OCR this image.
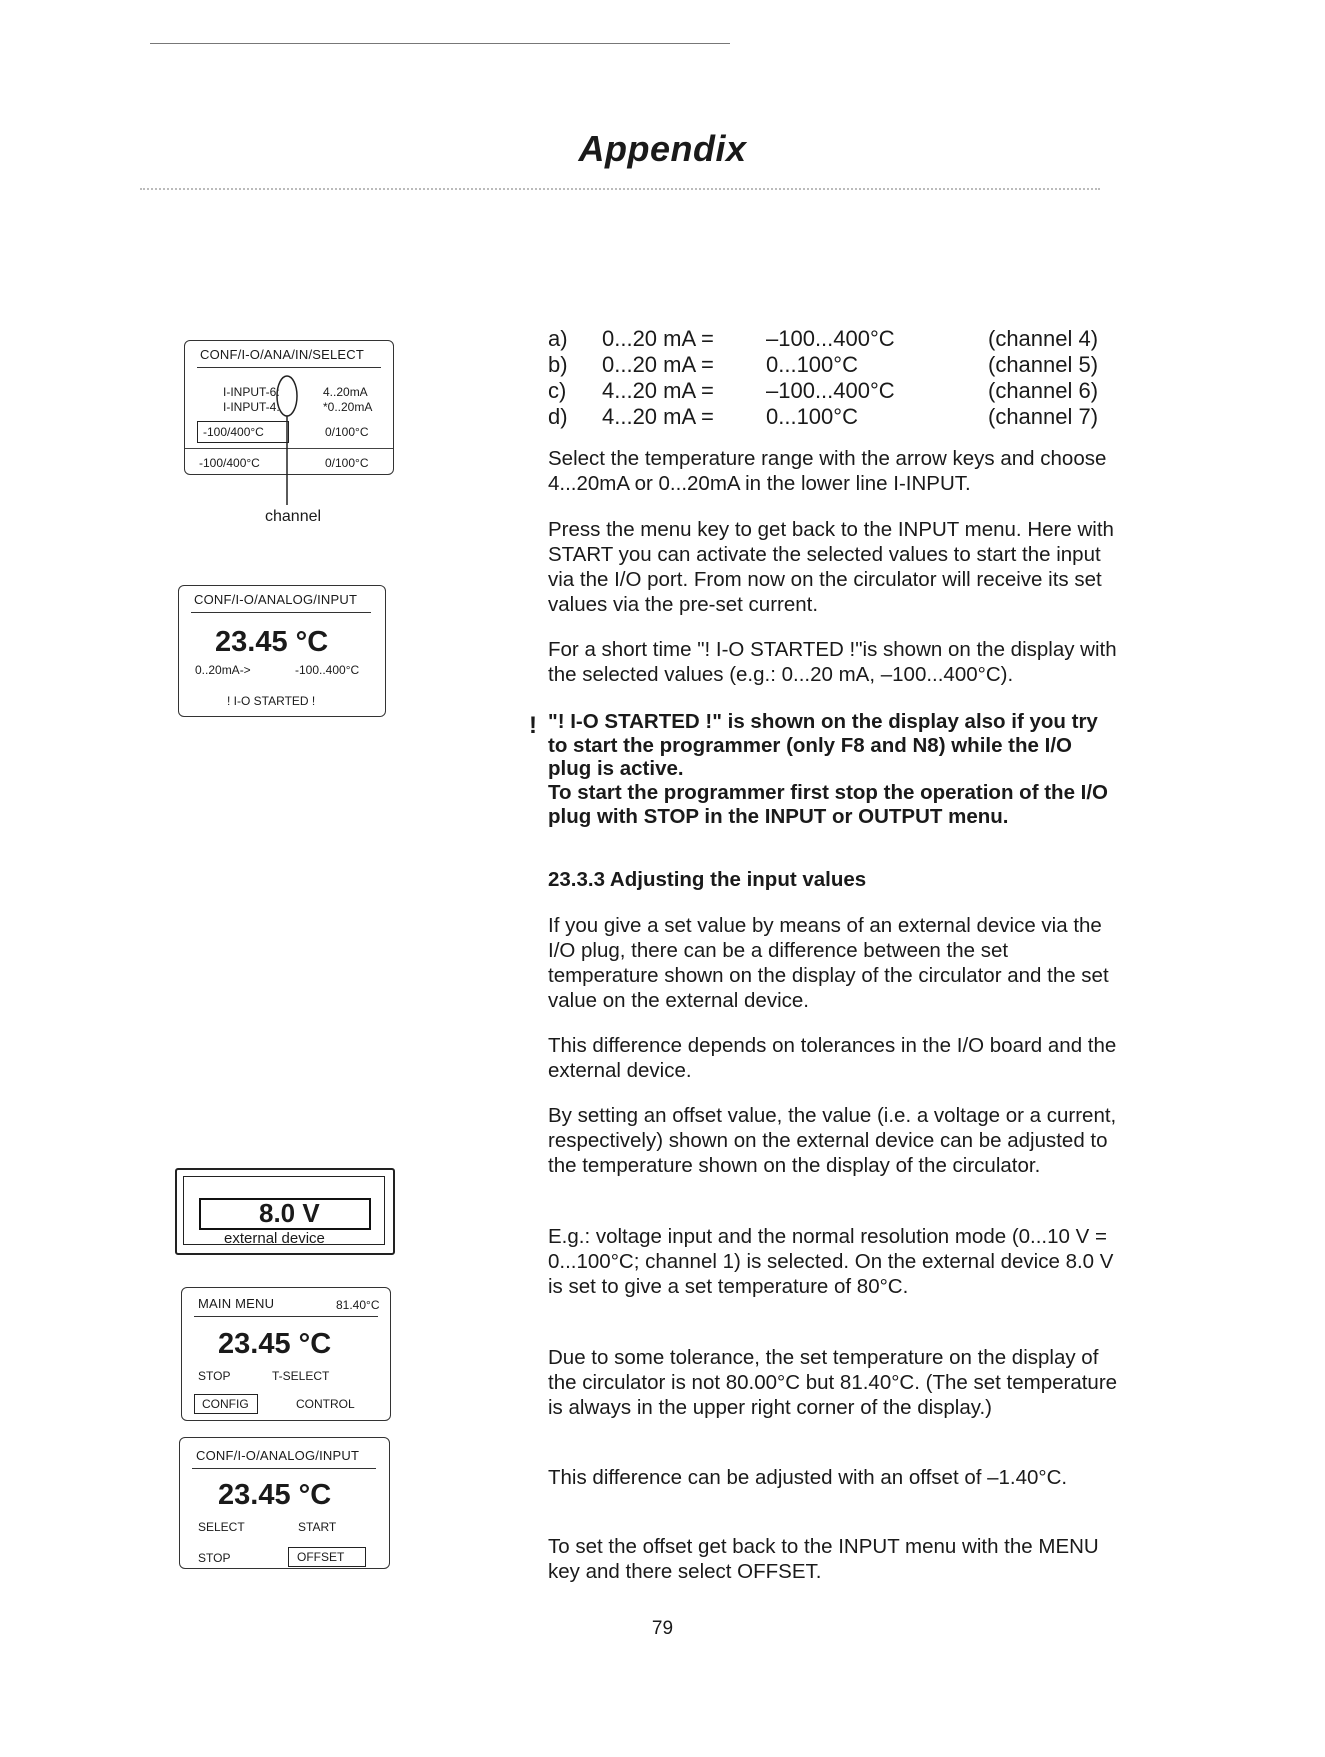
Appendix
CONF/I-O/ANA/IN/SELECT
I-INPUT-6:	4..20mA
I-INPUT-4:	*0..20mA
-100/400°C	0/100°C
-100/400°C	0/100°C
channel
CONF/I-O/ANALOG/INPUT
23.45 °C
0..20mA->	-100..400°C
! I-O STARTED !
8.0 V
external device
MAIN MENU	81.40°C
23.45 °C
STOP	T-SELECT
CONFIG	CONTROL
CONF/I-O/ANALOG/INPUT
23.45 °C
SELECT	START
STOP	OFFSET
a) 0...20 mA = –100...400°C	(channel 4)
b) 0...20 mA = 0...100°C	(channel 5)
c) 4...20 mA = –100...400°C	(channel 6)
d) 4...20 mA = 0...100°C	(channel 7)
Select the temperature range with the arrow keys and choose 4...20mA or 0...20mA in the lower line I-INPUT.
Press the menu key to get back to the INPUT menu. Here with START you can activate the selected values to start the input via the I/O port. From now on the circulator will receive its set values via the pre-set current.
For a short time "! I-O STARTED !"is shown on the display with the selected values (e.g.: 0...20 mA, –100...400°C).
! "! I-O STARTED !" is shown on the display also if you try to start the programmer (only F8 and N8) while the I/O plug is active.
To start the programmer first stop the operation of the I/O plug with STOP in the INPUT or OUTPUT menu.
23.3.3 Adjusting the input values
If you give a set value by means of an external device via the I/O plug, there can be a difference between the set temperature shown on the display of the circulator and the set value on the external device.
This difference depends on tolerances in the I/O board and the external device.
By setting an offset value, the value (i.e. a voltage or a current, respectively) shown on the external device can be adjusted to the temperature shown on the display of the circulator.
E.g.: voltage input and the normal resolution mode (0...10 V = 0...100°C; channel 1) is selected. On the external device 8.0 V is set to give a set temperature of 80°C.
Due to some tolerance, the set temperature on the display of the circulator is not 80.00°C but 81.40°C. (The set temperature is always in the upper right corner of the display.)
This difference can be adjusted with an offset of –1.40°C.
To set the offset get back to the INPUT menu with the MENU key and there select OFFSET.
79
